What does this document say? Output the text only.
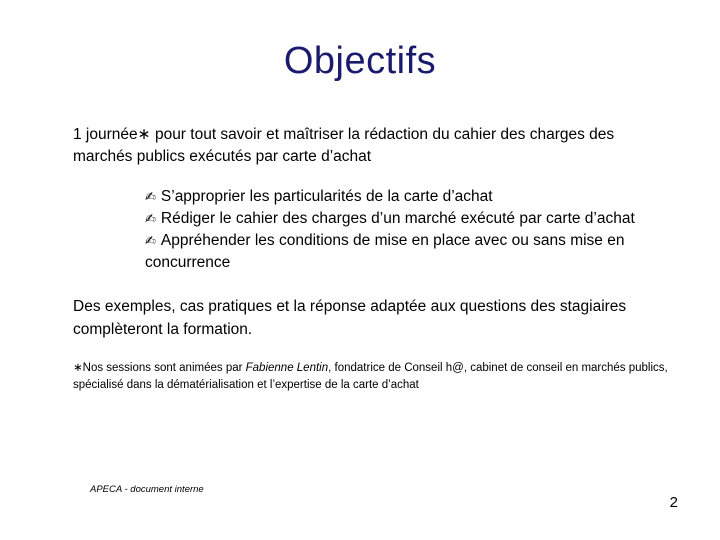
Objectifs
1 journée∗ pour tout savoir et maîtriser la rédaction du cahier des charges des marchés publics exécutés par carte d’achat
✍ S’approprier les particularités de la carte d’achat
✍ Rédiger le cahier des charges d’un marché exécuté par carte d’achat
✍ Appréhender les conditions de mise en place avec ou sans mise en concurrence
Des exemples, cas pratiques et la réponse adaptée aux questions des stagiaires complèteront la formation.
∗Nos sessions sont animées par Fabienne Lentin, fondatrice de Conseil h@, cabinet de conseil en marchés publics, spécialisé dans la dématérialisation et l’expertise de la carte d’achat
APECA - document interne
2
